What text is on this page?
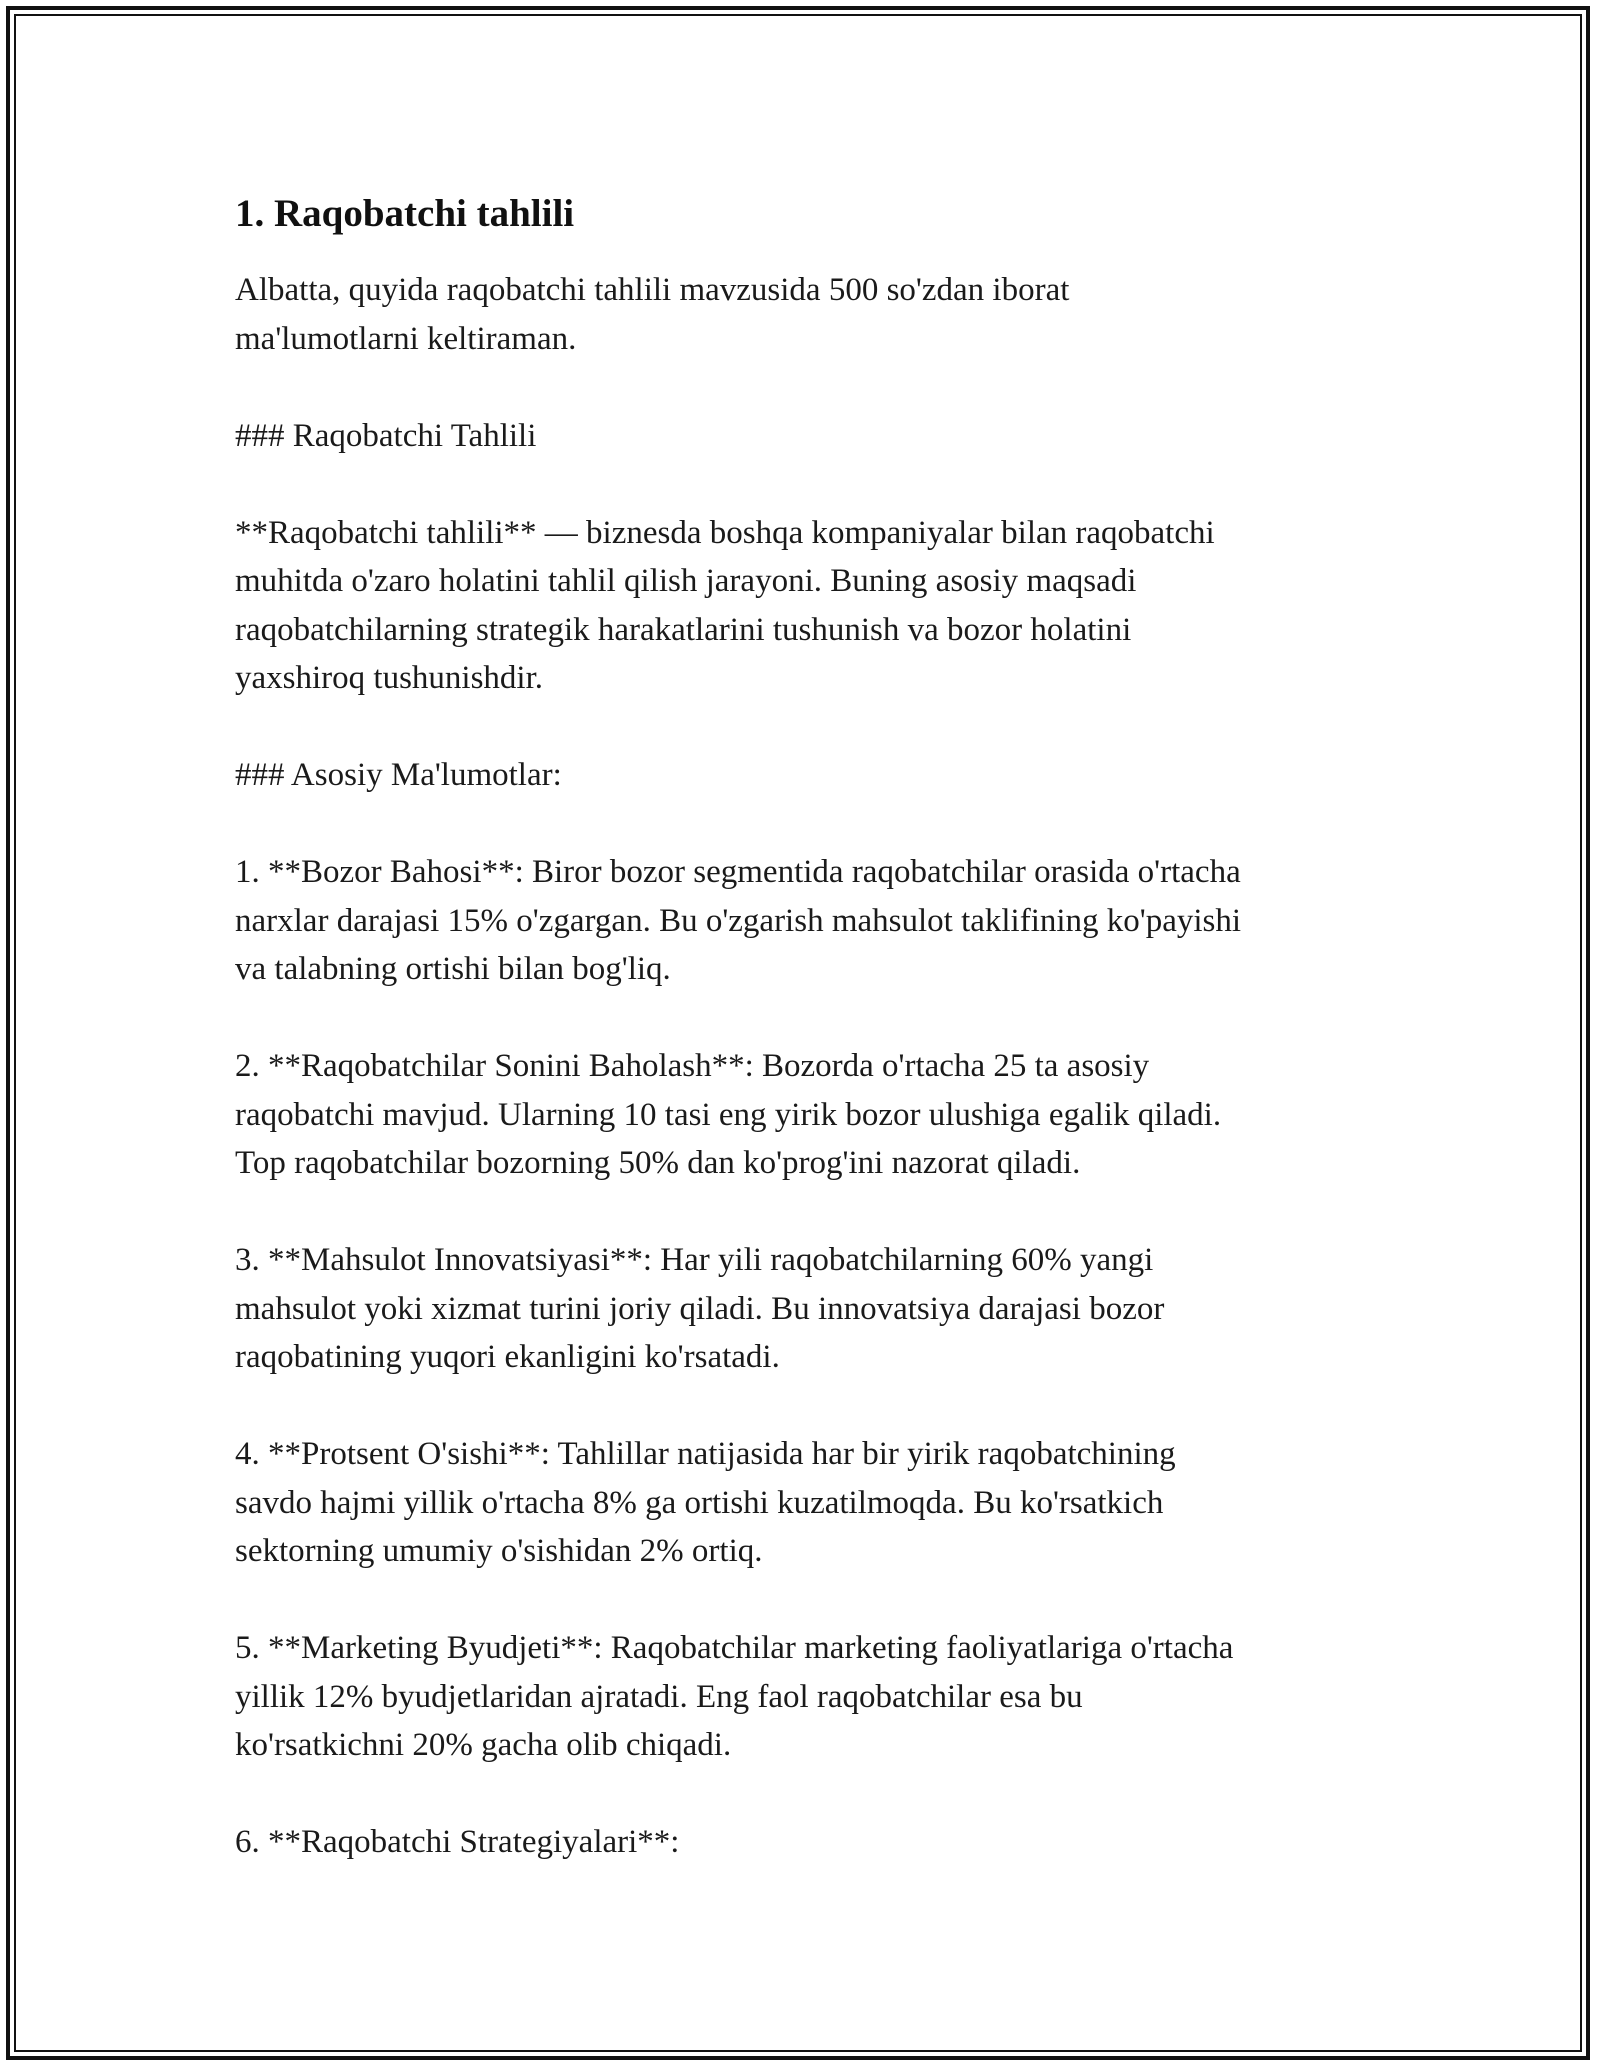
1. Raqobatchi tahlili

Albatta, quyida raqobatchi tahlili mavzusida 500 so'zdan iborat
ma'lumotlarni keltiraman.

### Raqobatchi Tahlili

**Raqobatchi tahlili** — biznesda boshqa kompaniyalar bilan raqobatchi
muhitda o'zaro holatini tahlil qilish jarayoni. Buning asosiy maqsadi
raqobatchilarning strategik harakatlarini tushunish va bozor holatini
yaxshiroq tushunishdir.

### Asosiy Ma'lumotlar:

1. **Bozor Bahosi**: Biror bozor segmentida raqobatchilar orasida o'rtacha
narxlar darajasi 15% o'zgargan. Bu o'zgarish mahsulot taklifining ko'payishi
va talabning ortishi bilan bog'liq.

2. **Raqobatchilar Sonini Baholash**: Bozorda o'rtacha 25 ta asosiy
raqobatchi mavjud. Ularning 10 tasi eng yirik bozor ulushiga egalik qiladi.
Top raqobatchilar bozorning 50% dan ko'prog'ini nazorat qiladi.

3. **Mahsulot Innovatsiyasi**: Har yili raqobatchilarning 60% yangi
mahsulot yoki xizmat turini joriy qiladi. Bu innovatsiya darajasi bozor
raqobatining yuqori ekanligini ko'rsatadi.

4. **Protsent O'sishi**: Tahlillar natijasida har bir yirik raqobatchining
savdo hajmi yillik o'rtacha 8% ga ortishi kuzatilmoqda. Bu ko'rsatkich
sektorning umumiy o'sishidan 2% ortiq.

5. **Marketing Byudjeti**: Raqobatchilar marketing faoliyatlariga o'rtacha
yillik 12% byudjetlaridan ajratadi. Eng faol raqobatchilar esa bu
ko'rsatkichni 20% gacha olib chiqadi.

6. **Raqobatchi Strategiyalari**:
